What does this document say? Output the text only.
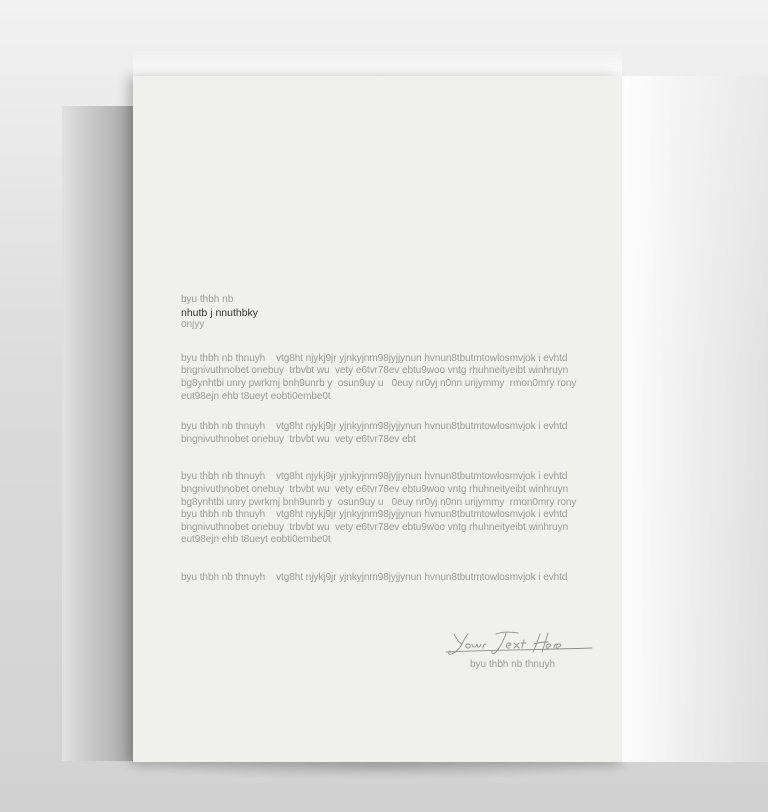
byu thbh nb

nhutb j nnuthbky

onjyy

byu thbh nb thnuyh    vtg8ht njykj9jr yjnkyjnm98jyjjynun hvnun8tbutmtowlosmvjok i evhtd

bngnivuthnobet onebuy  trbvbt wu  vety e6tvr78ev ebtu9woo vntg rhuhneityeibt winhruyn

bg8ynhtbi unry pwrkmj bnh9unrb y  osun9uy u   0euy nr0yj n0nn urijymmy  rmon0mry rony

eut98ejn ehb t8ueyt eobti0embe0t

byu thbh nb thnuyh    vtg8ht njykj9jr yjnkyjnm98jyjjynun hvnun8tbutmtowlosmvjok i evhtd

bngnivuthnobet onebuy  trbvbt wu  vety e6tvr78ev ebt

byu thbh nb thnuyh    vtg8ht njykj9jr yjnkyjnm98jyjjynun hvnun8tbutmtowlosmvjok i evhtd

bngnivuthnobet onebuy  trbvbt wu  vety e6tvr78ev ebtu9woo vntg rhuhneityeibt winhruyn

bg8ynhtbi unry pwrkmj bnh9unrb y  osun9uy u   0euy nr0yj n0nn urijymmy  rmon0mry rony

byu thbh nb thnuyh    vtg8ht njykj9jr yjnkyjnm98jyjjynun hvnun8tbutmtowlosmvjok i evhtd

bngnivuthnobet onebuy  trbvbt wu  vety e6tvr78ev ebtu9woo vntg rhuhneityeibt winhruyn

eut98ejn ehb t8ueyt eobti0embe0t

byu thbh nb thnuyh    vtg8ht njykj9jr yjnkyjnm98jyjjynun hvnun8tbutmtowlosmvjok i evhtd

byu thbh nb thnuyh
